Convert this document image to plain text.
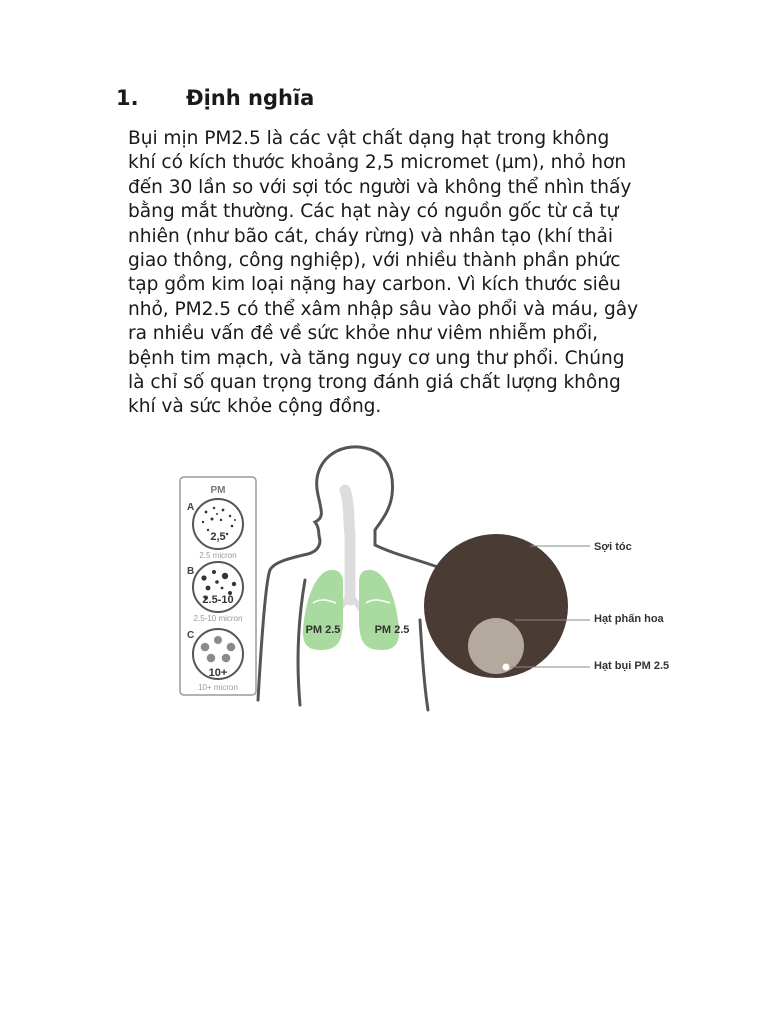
1. Định nghĩa
Bụi mịn PM2.5 là các vật chất dạng hạt trong không
khí có kích thước khoảng 2,5 micromet (µm), nhỏ hơn
đến 30 lần so với sợi tóc người và không thể nhìn thấy
bằng mắt thường. Các hạt này có nguồn gốc từ cả tự
nhiên (như bão cát, cháy rừng) và nhân tạo (khí thải
giao thông, công nghiệp), với nhiều thành phần phức
tạp gồm kim loại nặng hay carbon. Vì kích thước siêu
nhỏ, PM2.5 có thể xâm nhập sâu vào phổi và máu, gây
ra nhiều vấn đề về sức khỏe như viêm nhiễm phổi,
bệnh tim mạch, và tăng nguy cơ ung thư phổi. Chúng
là chỉ số quan trọng trong đánh giá chất lượng không
khí và sức khỏe cộng đồng.
PM
A
2,5
2.5 micron
B
2.5-10
2.5-10 micron
C
10+
10+ micron
PM 2.5	PM 2.5
Sợi tóc
Hạt phấn hoa
Hạt bụi PM 2.5
